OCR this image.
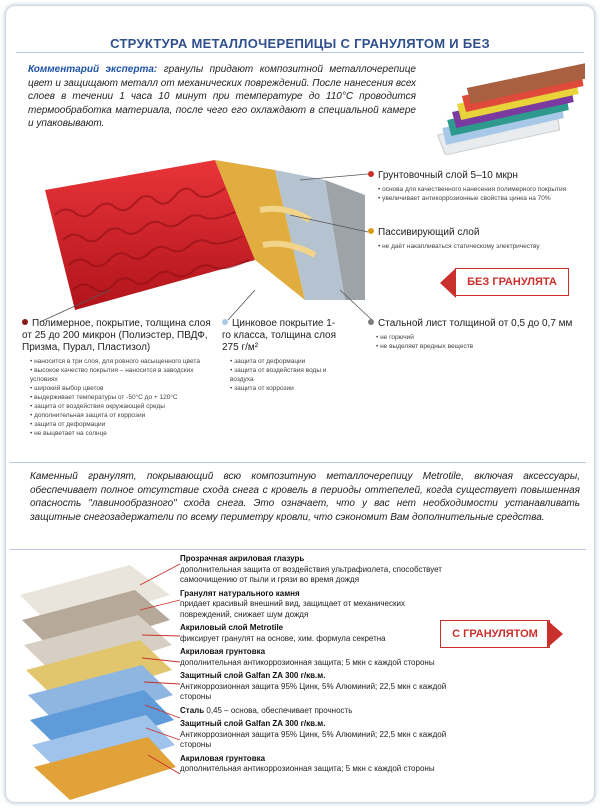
СТРУКТУРА МЕТАЛЛОЧЕРЕПИЦЫ С ГРАНУЛЯТОМ И БЕЗ
Комментарий эксперта: гранулы придают композитной металлочерепице цвет и защищают металл от механических повреждений. После нанесения всех слоев в течении 1 часа 10 минут при температуре до 110°С проводится термообработка материала, после чего его охлаждают в специальной камере и упаковывают.
Грунтовочный слой 5–10 мкрн
• основа для качественного нанесения полимерного покрытия
• увеличивает антикоррозионные свойства цинка на 70%
Пассивирующий слой
• не даёт накапливаться статическому электричеству
БЕЗ ГРАНУЛЯТА
Полимерное, покрытие, толщина слоя от 25 до 200 микрон (Полиэстер, ПВДФ, Призма, Пурал, Пластизол)
• наносится в три слоя, для ровного насыщенного цвета
• высокое качество покрытия – наносится в заводских условиях
• широкий выбор цветов
• выдерживает температуры от -50°С до + 120°С
• защита от воздействия окружающей среды
• дополнительная защита от коррозии
• защита от деформации
• не выцветает на солнце
Цинковое покрытие 1-го класса, толщина слоя 275 г/м²
• защита от деформации
• защита от воздействия воды и воздуха
• защита от коррозии
Стальной лист толщиной от 0,5 до 0,7 мм
• не горючий
• не выделяет вредных веществ
Каменный гранулят, покрывающий всю композитную металлочерепицу Metrotile, включая аксессуары, обеспечивает полное отсутствие схода снега с кровель в периоды оттепелей, когда существует повышенная опасность "лавинообразного" схода снега. Это означает, что у вас нет необходимости устанавливать защитные снегозадержатели по всему периметру кровли, что сэкономит Вам дополнительные средства.
С ГРАНУЛЯТОМ
Прозрачная акриловая глазурь
дополнительная защита от воздействия ультрафиолета, способствует самоочищению от пыли и грязи во время дождя
Гранулят натурального камня
придает красивый внешний вид, защищает от механических повреждений, снижает шум дождя
Акриловый слой Metrotile
фиксирует гранулят на основе, хим. формула секретна
Акриловая грунтовка
дополнительная антикоррозионная защита; 5 мкн с каждой стороны
Защитный слой Galfan ZA 300 г/кв.м.
Антикоррозионная защита 95% Цинк, 5% Алюминий; 22,5 мкн с каждой стороны
Сталь 0,45 – основа, обеспечивает прочность
Защитный слой Galfan ZA 300 г/кв.м.
Антикоррозионная защита 95% Цинк, 5% Алюминий; 22,5 мкн с каждой стороны
Акриловая грунтовка
дополнительная антикоррозионная защита; 5 мкн с каждой стороны
